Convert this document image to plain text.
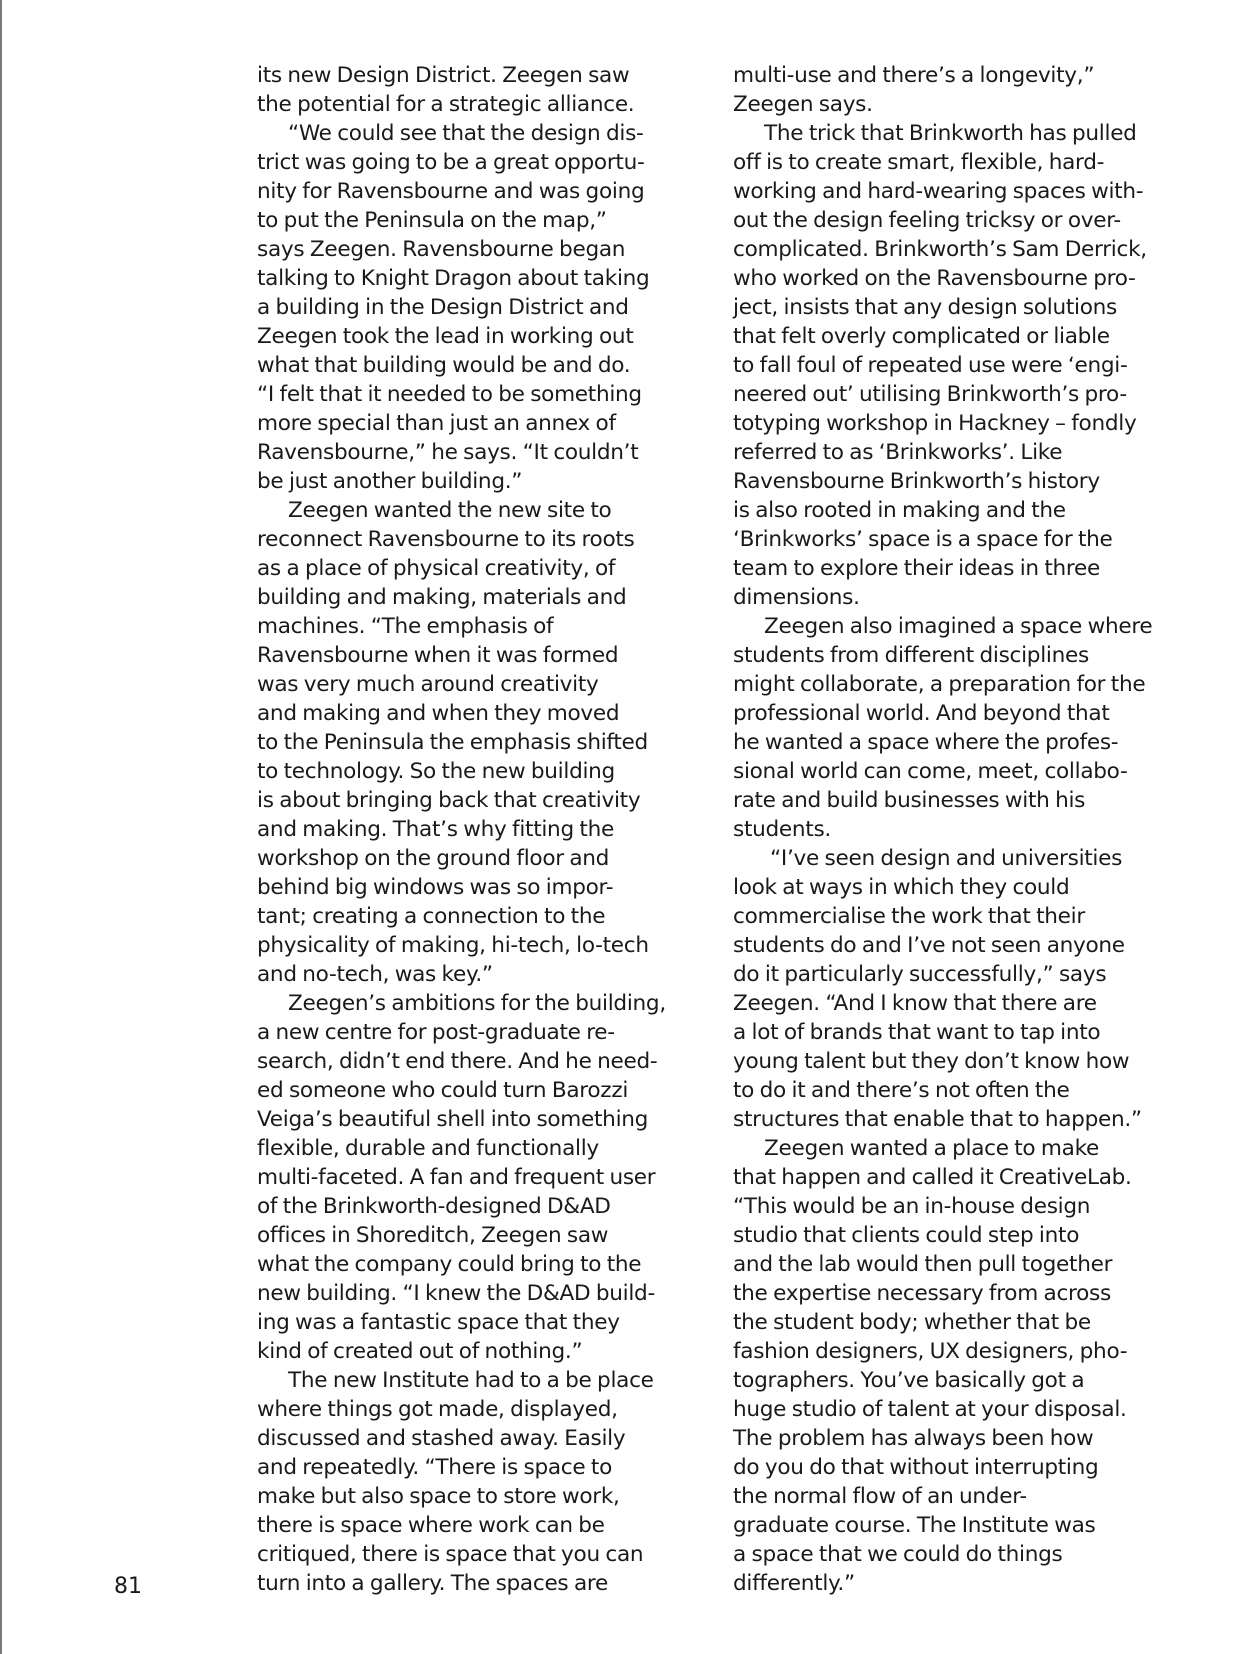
its new Design District. Zeegen saw
the potential for a strategic alliance.
“We could see that the design dis-
trict was going to be a great opportu-
nity for Ravensbourne and was going
to put the Peninsula on the map,”
says Zeegen. Ravensbourne began
talking to Knight Dragon about taking
a building in the Design District and
Zeegen took the lead in working out
what that building would be and do.
“I felt that it needed to be something
more special than just an annex of
Ravensbourne,” he says. “It couldn’t
be just another building.”
Zeegen wanted the new site to
reconnect Ravensbourne to its roots
as a place of physical creativity, of
building and making, materials and
machines. “The emphasis of
Ravensbourne when it was formed
was very much around creativity
and making and when they moved
to the Peninsula the emphasis shifted
to technology. So the new building
is about bringing back that creativity
and making. That’s why fitting the
workshop on the ground floor and
behind big windows was so impor-
tant; creating a connection to the
physicality of making, hi-tech, lo-tech
and no-tech, was key.”
Zeegen’s ambitions for the building,
a new centre for post-graduate re-
search, didn’t end there. And he need-
ed someone who could turn Barozzi
Veiga’s beautiful shell into something
flexible, durable and functionally
multi-faceted. A fan and frequent user
of the Brinkworth-designed D&AD
offices in Shoreditch, Zeegen saw
what the company could bring to the
new building. “I knew the D&AD build-
ing was a fantastic space that they
kind of created out of nothing.”
The new Institute had to a be place
where things got made, displayed,
discussed and stashed away. Easily
and repeatedly. “There is space to
make but also space to store work,
there is space where work can be
critiqued, there is space that you can
turn into a gallery. The spaces are
multi-use and there’s a longevity,”
Zeegen says.
The trick that Brinkworth has pulled
off is to create smart, flexible, hard-
working and hard-wearing spaces with-
out the design feeling tricksy or over-
complicated. Brinkworth’s Sam Derrick,
who worked on the Ravensbourne pro-
ject, insists that any design solutions
that felt overly complicated or liable
to fall foul of repeated use were ‘engi-
neered out’ utilising Brinkworth’s pro-
totyping workshop in Hackney – fondly
referred to as ‘Brinkworks’. Like
Ravensbourne Brinkworth’s history
is also rooted in making and the
‘Brinkworks’ space is a space for the
team to explore their ideas in three
dimensions.
Zeegen also imagined a space where
students from different disciplines
might collaborate, a preparation for the
professional world. And beyond that
he wanted a space where the profes-
sional world can come, meet, collabo-
rate and build businesses with his
students.
“I’ve seen design and universities
look at ways in which they could
commercialise the work that their
students do and I’ve not seen anyone
do it particularly successfully,” says
Zeegen. “And I know that there are
a lot of brands that want to tap into
young talent but they don’t know how
to do it and there’s not often the
structures that enable that to happen.”
Zeegen wanted a place to make
that happen and called it CreativeLab.
“This would be an in-house design
studio that clients could step into
and the lab would then pull together
the expertise necessary from across
the student body; whether that be
fashion designers, UX designers, pho-
tographers. You’ve basically got a
huge studio of talent at your disposal.
The problem has always been how
do you do that without interrupting
the normal flow of an under-
graduate course. The Institute was
a space that we could do things
differently.”
81
